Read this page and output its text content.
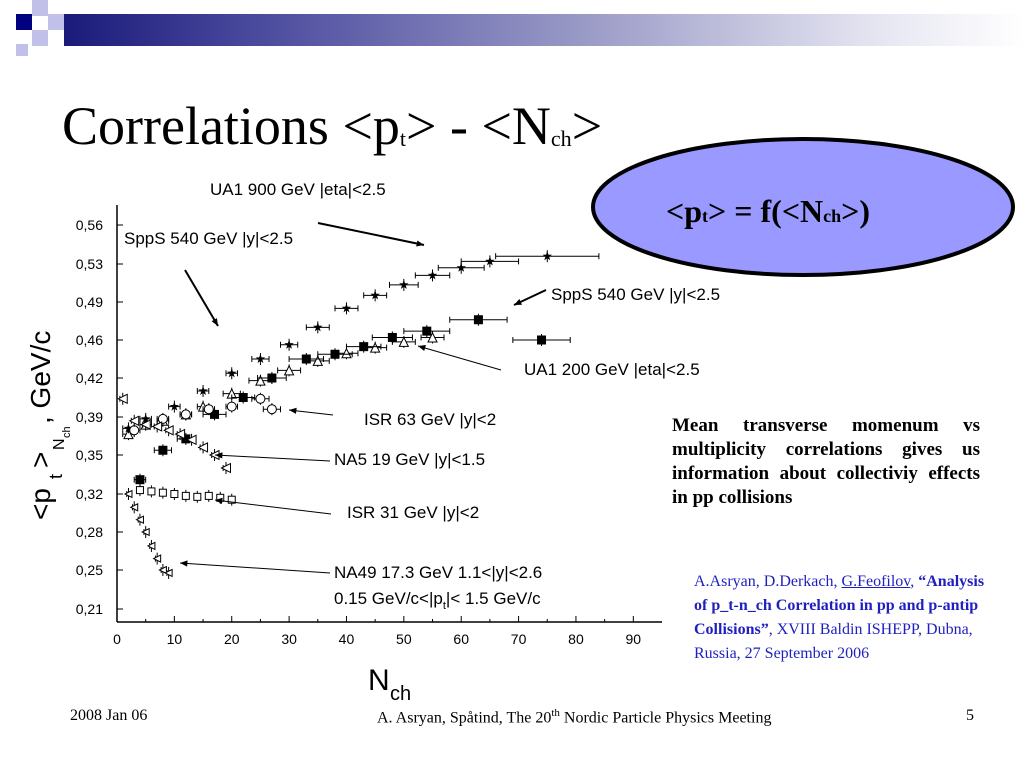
Correlations $<p_t> - <N_{ch}>$
0	10	20	30	40	50	60	70	80	90
0,56
0,53
0,49
0,46
0,42
0,39
0,35
0,32
0,28
0,25
0,21
N ch
<p
t
>
N
ch
, GeV/c
UA1 900 GeV |eta|<2.5
SppS 540 GeV |y|<2.5
SppS 540 GeV |y|<2.5
UA1 200 GeV |eta|<2.5
ISR 63 GeV |y|<2
NA5 19 GeV |y|<1.5
ISR 31 GeV |y|<2
NA49 17.3 GeV 1.1<|y|<2.6
0.15 GeV/$c<|p_t|< 1.5$ GeV/c
<pt> = f(<Nch>)
Mean transverse momenum vs multiplicity correlations gives us information about collectiviy effects in pp collisions
A.Asryan, D.Derkach, G.Feofilov, “Analysis of p_t-n_ch Correlation in pp and p-antip Collisions”, XVIII Baldin ISHEPP, Dubna, Russia, 27 September 2006
2008 Jan 06	A. Asryan, Spåtind, The 20th Nordic Particle Physics Meeting	5
